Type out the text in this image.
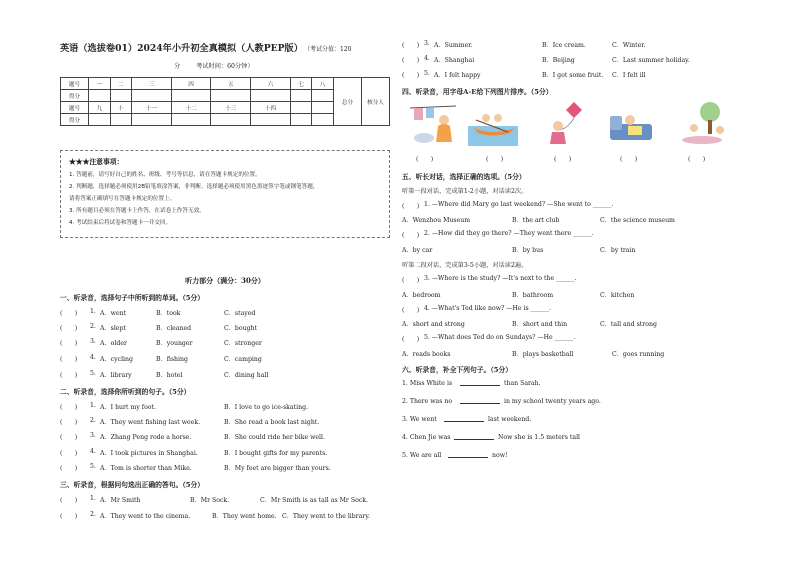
英语（选拔卷01）2024年小升初全真模拟（人教PEP版） （考试分值：120
分	考试时间：60分钟）
题号	一	二	三	四	五	六	七	八	总分	核分人
得分										
题号	九	十	十一	十二	十三	十四				
得分										
★★★注意事项：
1. 答题前，请写好自己的姓名、班级、考号等信息，请在答题卡规定的位置。
2. 判断题，选择题必须使用2B铅笔填涂答案，非判断、选择题必须使用黑色墨迹签字笔或钢笔答题，
请将答案正确填写在答题卡规定的位置上。
3. 所有题目必须在答题卡上作答，在试卷上作答无效。
4. 考试结束后将试卷和答题卡一并交回。
听力部分（满分：30分）
一、听录音，选择句子中所听到的单词。（5分）
(　　) 1. A．went	B．took	C．stayed
(　　) 2. A．slept	B．cleaned	C．bought
(　　) 3. A．older	B．younger	C．stronger
(　　) 4. A．cycling	B．fishing	C．camping
(　　) 5. A．library	B．hotel	C．dining hall
二、听录音，选择你所听到的句子。（5分）
(　　) 1. A．I hurt my foot.	B．I love to go ice-skating.
(　　) 2. A．They went fishing last week.	B．She read a book last night.
(　　) 3. A．Zhang Peng rode a horse.	B．She could ride her bike well.
(　　) 4. A．I took pictures in Shanghai.	B．I bought gifts for my parents.
(　　) 5. A．Tom is shorter than Mike.	B．My feet are bigger than yours.
三、听录音，根据问句选出正确的答句。（5分）
(　　) 1. A．Mr Smith	B．Mr Sock.	C．Mr Smith is as tall as Mr Sock.
(　　) 2. A．They went to the cinema.	B．They went home. C．They went to the library.
(　　) 3. A．Summer.	B．Ice cream.	C．Winter.
(　　) 4. A．Shanghai	B．Beijing	C．Last summer holiday.
(　　) 5. A．I felt happy	B．I got some fruit. C．I felt ill
四、听录音，用字母A-E给下列图片排序。（5分）
(　　)	(　　)	(　　)	(　　)	(　　)
五、听长对话，选择正确的选项。（5分）
听第一段对话，完成第1-2小题，对话读2次。
(　　) 1. —Where did Mary go last weekend? —She went to ______.
A．Wenzhou Museum	B．the art club	C．the science museum
(　　) 2. —How did they go there? —They went there ______.
A．by car	B．by bus	C．by train
听第二段对话，完成第3-5小题，对话读2遍。
(　　) 3. —Where is the study? —It's next to the ______.
A．bedroom	B．bathroom	C．kitchen
(　　) 4. —What's Ted like now? —He is ______.
A．short and strong	B．short and thin	C．tall and strong
(　　) 5. —What does Ted do on Sundays? —He ______.
A．reads books	B．plays basketball	C．goes running
六、听录音，补全下列句子。（5分）
1. Miss White is	than Sarah.
2. There was no	in my school twenty years ago.
3. We went	last weekend.
4. Chen Jie was	Now she is 1.5 meters tall
5. We are all	now!
